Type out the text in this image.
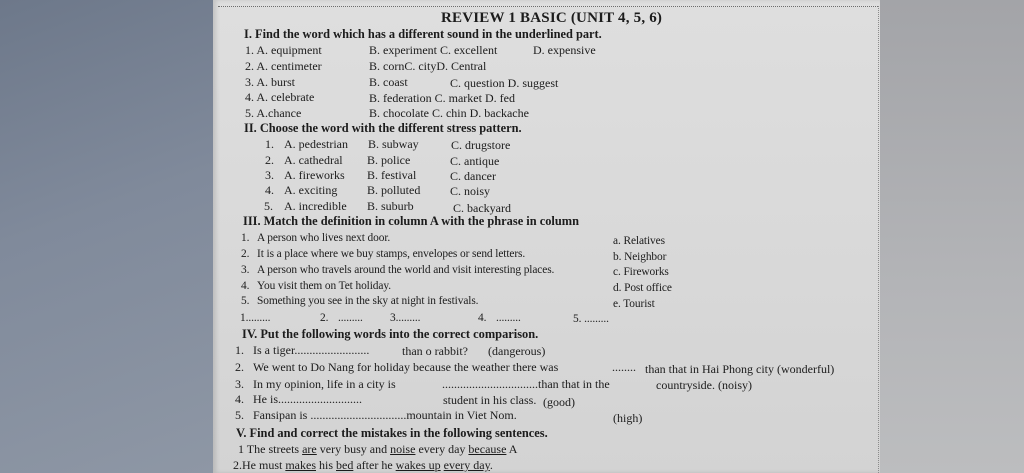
REVIEW 1 BASIC (UNIT 4, 5, 6)
I. Find the word which has a different sound in the underlined part.
1. A. equipment	B. experiment C. excellent	D. expensive
2. A. centimeter	B. cornC. cityD. Central
3. A. burst	B. coast	C. question D. suggest
4. A. celebrate	B. federation C. market D. fed
5. A.chance	B. chocolate C. chin D. backache
II. Choose the word with the different stress pattern.
1. A. pedestrian B. subway	C. drugstore
2. A. cathedral B. police	C. antique
3. A. fireworks B. festival	C. dancer
4. A. exciting B. polluted C. noisy
5. A. incredible B. suburb	C. backyard
III. Match the definition in column A with the phrase in column
1. A person who lives next door.
2. It is a place where we buy stamps, envelopes or send letters.
3. A person who travels around the world and visit interesting places.
4. You visit them on Tet holiday.
5. Something you see in the sky at night in festivals.
a. Relatives
b. Neighbor
c. Fireworks
d. Post office
e. Tourist
1.........	2. ......... 3.........	4. .........	5. .........
IV. Put the following words into the correct comparison.
1. Is a tiger.........................	than o rabbit? (dangerous)
2. We went to Do Nang for holiday because the weather there was	........ than that in Hai Phong city (wonderful)
3. In my opinion, life in a city is	................................than that in the	countryside. (noisy)
4. He is............................	student in his class. (good)
5. Fansipan is ................................mountain in Viet Nom.	(high)
V. Find and correct the mistakes in the following sentences.
1 The streets are very busy and noise every day because A
2.He must makes his bed after he wakes up every day.
